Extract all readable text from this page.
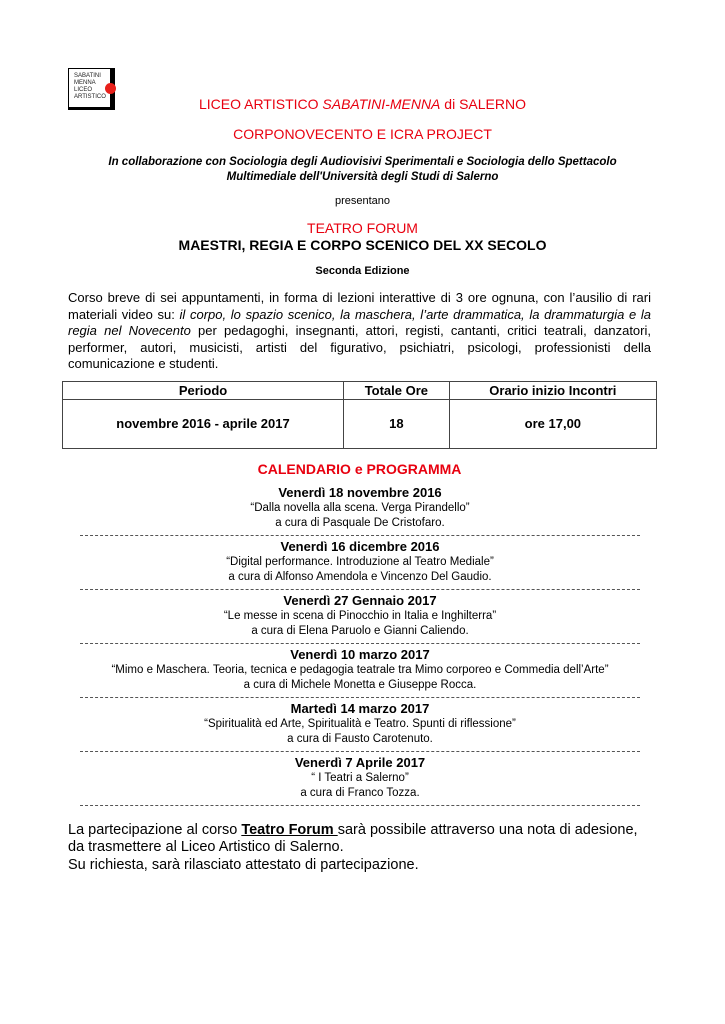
SABATINI
MENNA
LICEO
ARTISTICO	LICEO ARTISTICO SABATINI-MENNA di SALERNO
CORPONOVECENTO E ICRA PROJECT
In collaborazione con Sociologia degli Audiovisivi Sperimentali e Sociologia dello Spettacolo
Multimediale dell'Università degli Studi di Salerno
presentano
TEATRO FORUM
MAESTRI, REGIA E CORPO SCENICO DEL XX SECOLO
Seconda Edizione
Corso breve di sei appuntamenti, in forma di lezioni interattive di 3 ore ognuna, con l’ausilio di rari materiali video su: il corpo, lo spazio scenico, la maschera, l’arte drammatica, la drammaturgia e la regia nel Novecento per pedagoghi, insegnanti, attori, registi, cantanti, critici teatrali, danzatori, performer, autori, musicisti, artisti del figurativo, psichiatri, psicologi, professionisti della comunicazione e studenti.
Periodo	Totale Ore	Orario inizio Incontri
novembre 2016 - aprile 2017	18	ore 17,00
CALENDARIO e PROGRAMMA
Venerdì 18 novembre 2016
“Dalla novella alla scena. Verga Pirandello”
a cura di Pasquale De Cristofaro.
Venerdì 16 dicembre 2016
“Digital performance. Introduzione al Teatro Mediale”
a cura di Alfonso Amendola e Vincenzo Del Gaudio.
Venerdì 27 Gennaio 2017
“Le messe in scena di Pinocchio in Italia e Inghilterra”
a cura di Elena Paruolo e Gianni Caliendo.
Venerdì 10 marzo 2017
“Mimo e Maschera. Teoria, tecnica e pedagogia teatrale tra Mimo corporeo e Commedia dell’Arte”
a cura di Michele Monetta e Giuseppe Rocca.
Martedì 14 marzo 2017
“Spiritualità ed Arte, Spiritualità e Teatro. Spunti di riflessione”
a cura di Fausto Carotenuto.
Venerdì 7 Aprile 2017
“ I Teatri a Salerno”
a cura di Franco Tozza.
La partecipazione al corso Teatro Forum sarà possibile attraverso una nota di adesione,
da trasmettere al Liceo Artistico di Salerno.
Su richiesta, sarà rilasciato attestato di partecipazione.
